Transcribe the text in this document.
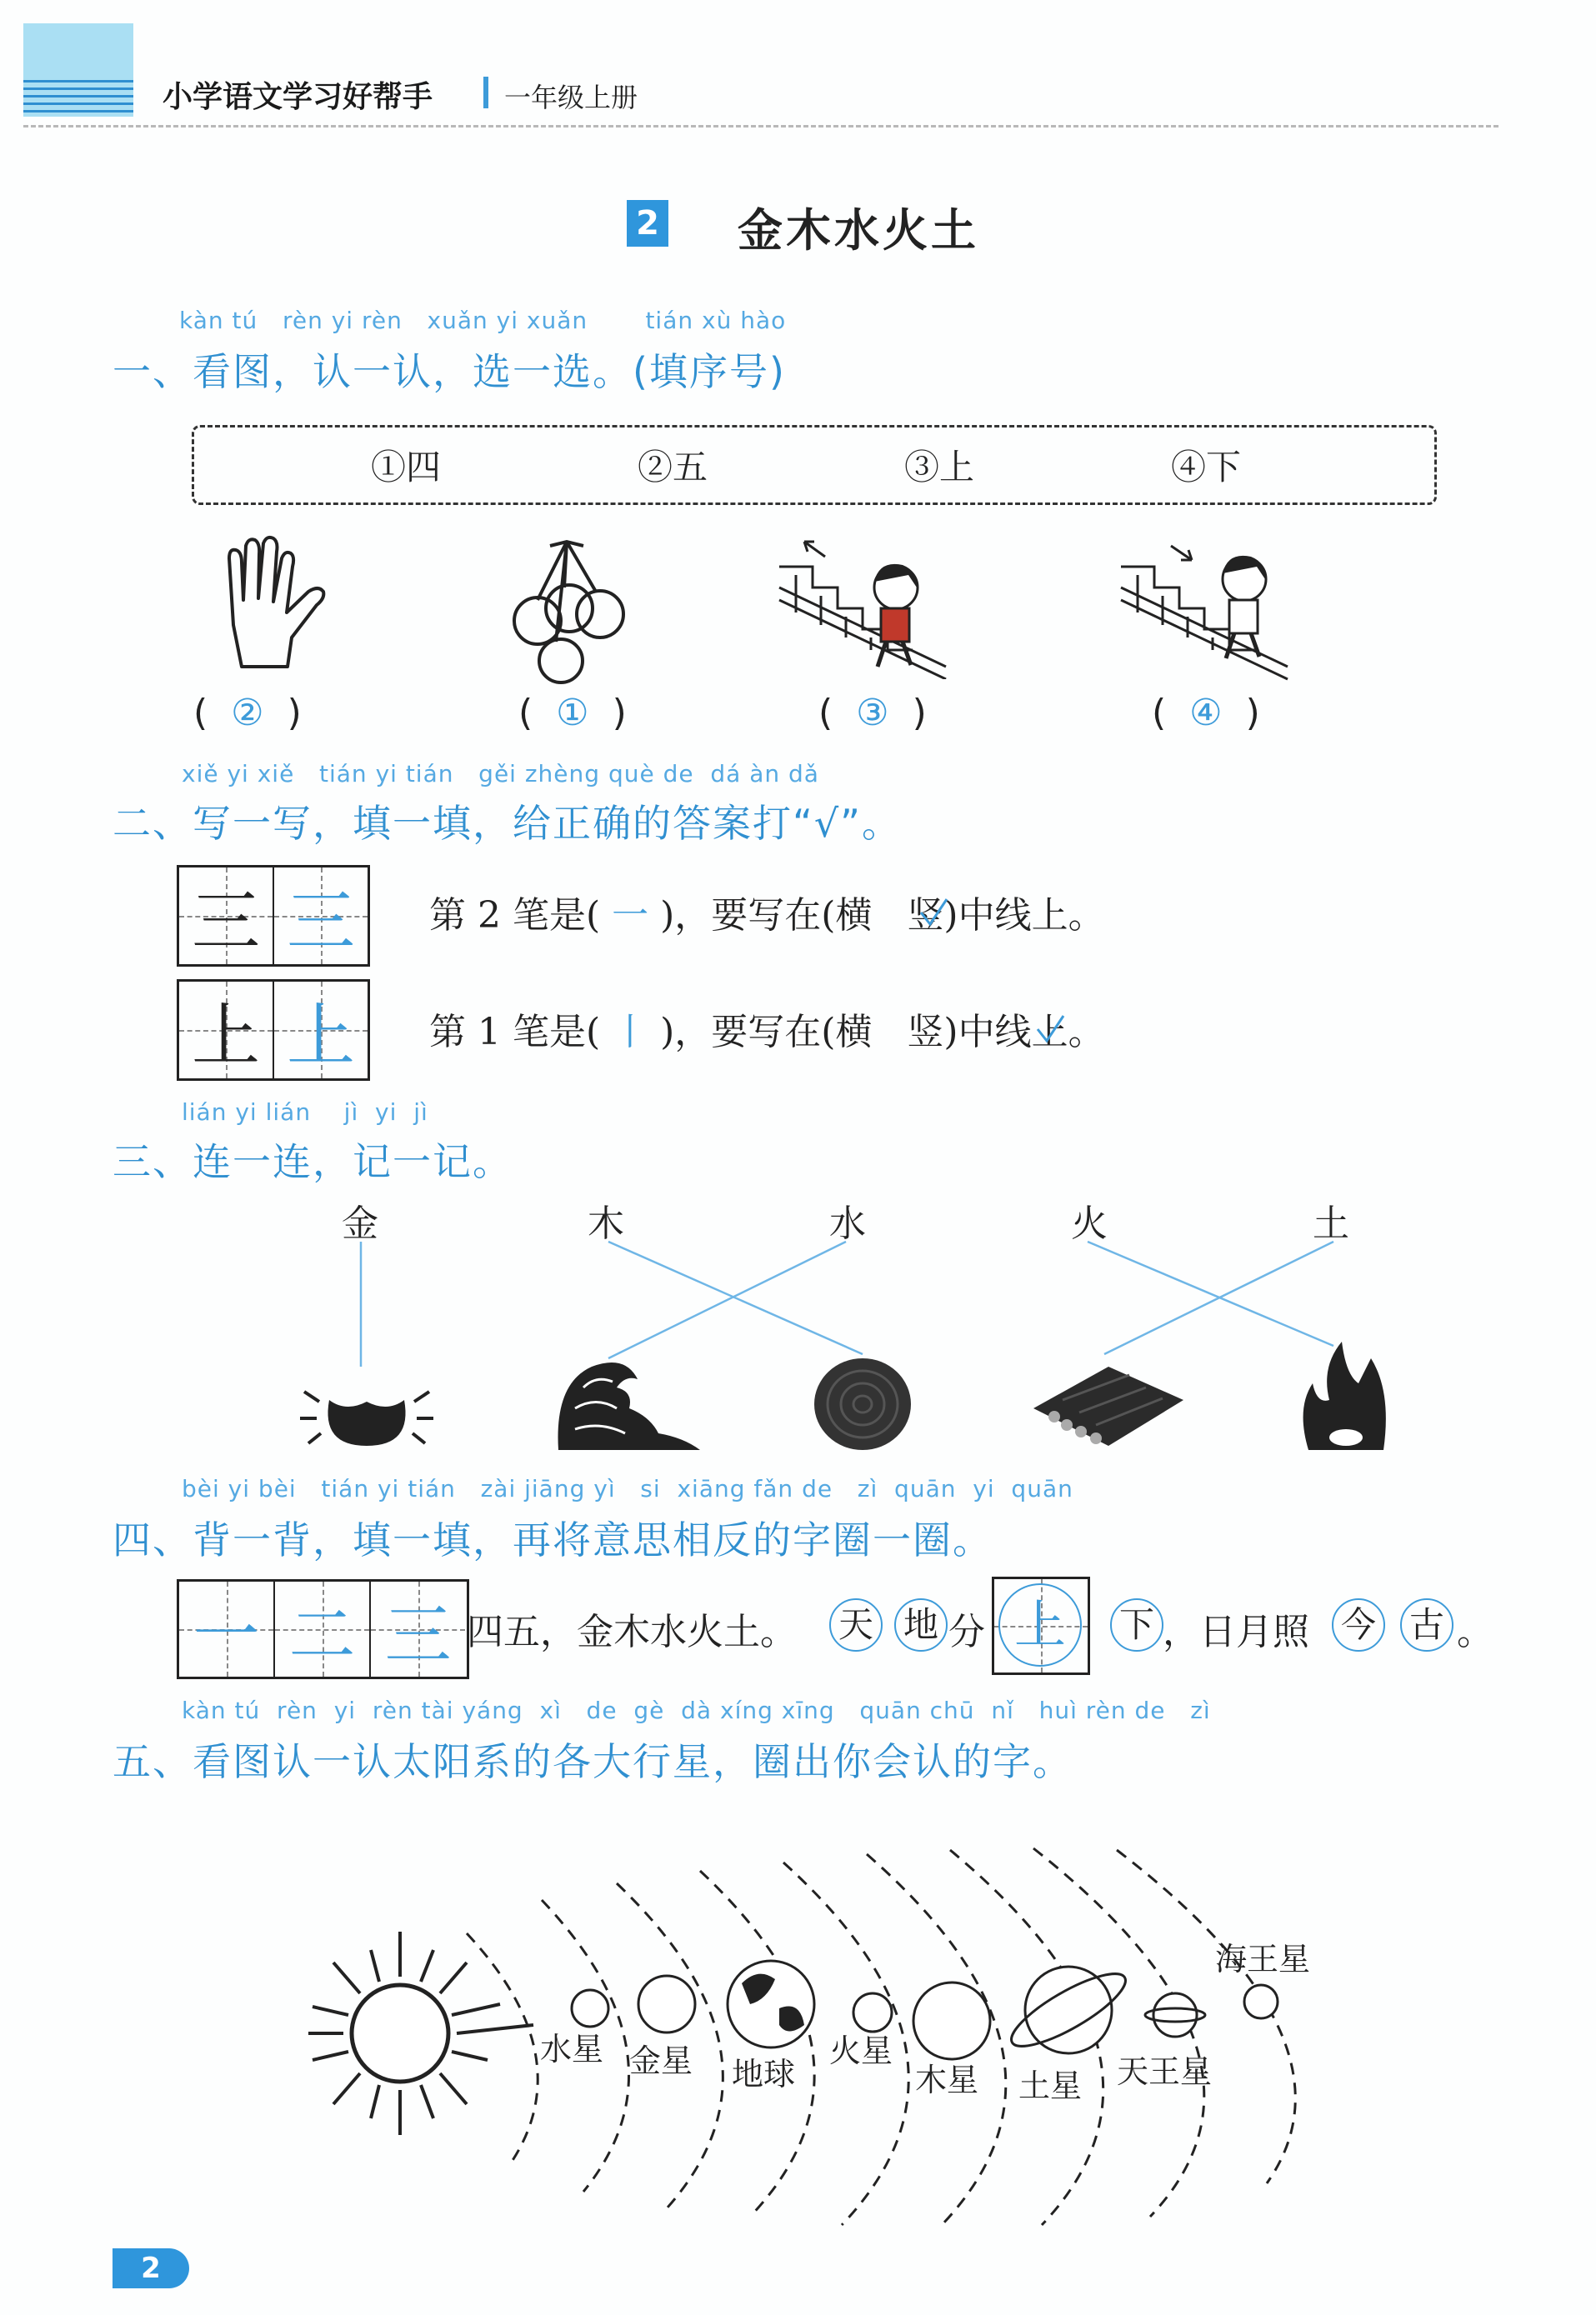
小学语文学习好帮手	一年级上册
2 金木水火土
kàn tú   rèn yi rèn   xuǎn yi xuǎn       tián xù hào
一、看图，认一认，选一选。(填序号)
①四	②五	③上	④下
(  ②  )	(  ①  )	(  ③  )	(  ④  )
xiě yi xiě   tián yi tián   gěi zhèng què de  dá àn dǎ
二、写一写，填一填，给正确的答案打“√”。
三 三 第 2 笔是( 一 )，要写在(横   竖)中线上。
上 上 第 1 笔是( 丨 )，要写在(横   竖)中线上。
lián yi lián    jì  yi  jì
三、连一连，记一记。
金	木	水	火	土
bèi yi bèi   tián yi tián   zài jiāng yì   si  xiāng fǎn de   zì  quān  yi  quān
四、背一背，填一填，再将意思相反的字圈一圈。
一 二 三 四五，金木水火土。 天 地 分 上	下 ，日月照 今 古 。
kàn tú  rèn  yi  rèn tài yáng  xì   de  gè  dà xíng xīng   quān chū  nǐ   huì rèn de   zì
五、看图认一认太阳系的各大行星，圈出你会认的字。
水星 金星 地球
火星
木星 土星 天王星
海王星
2
